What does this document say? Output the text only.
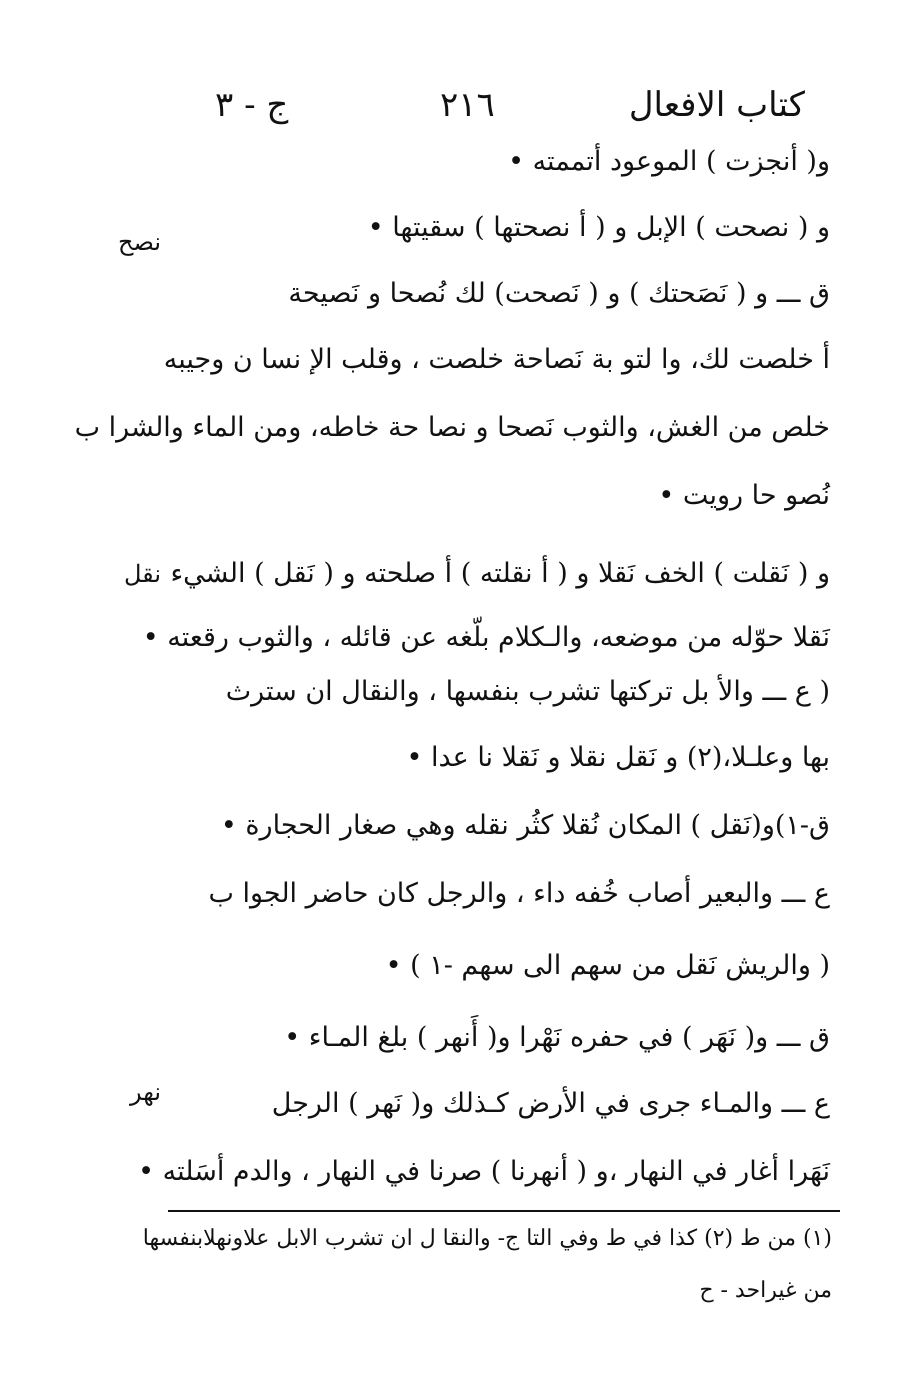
كتاب الافعال
٢١٦
ج - ٣
و( أنجزت ) الموعود أتممته •
و ( نصحت ) الإبل و ( أ نصحتها ) سقيتها •
ق ـــ و ( نَصَحتك ) و ( نَصحت) لك نُصحا و نَصيحة
أ خلصت لك، وا لتو بة نَصاحة خلصت ، وقلب الإ نسا ن وجيبه
خلص من الغش، والثوب نَصحا و نصا حة خاطه، ومن الماء والشرا ب
نُصو حا رويت •
و ( نَقلت ) الخف نَقلا و ( أ نقلته ) أ صلحته و ( نَقل ) الشيء
نَقلا حوّله من موضعه، والـكلام بلّغه عن قائله ، والثوب رقعته •
( ع ـــ والأ بل تركتها تشرب بنفسها ، والنقال ان سترث
بها وعلـلا،(٢) و نَقل نقلا و نَقلا نا عدا •
ق-١)و(نَقل ) المكان نُقلا كثُر نقله وهي صغار الحجارة •
ع ـــ والبعير أصاب خُفه داء ، والرجل كان حاضر الجوا ب
( والريش نَقل من سهم الى سهم -١ ) •
ق ـــ و( نَهَر ) في حفره نَهْرا و( أَنهر ) بلغ المـاء •
ع ـــ والمـاء جرى في الأرض كـذلك و( نَهر ) الرجل
نَهَرا أغار في النهار ،و ( أنهرنا ) صرنا في النهار ، والدم أسَلته •
نصح
نقل
نهر
(١) من ط (٢) كذا في ط وفي التا ج- والنقا ل ان تشرب الابل علاونهلابنفسها
من غيراحد - ح
